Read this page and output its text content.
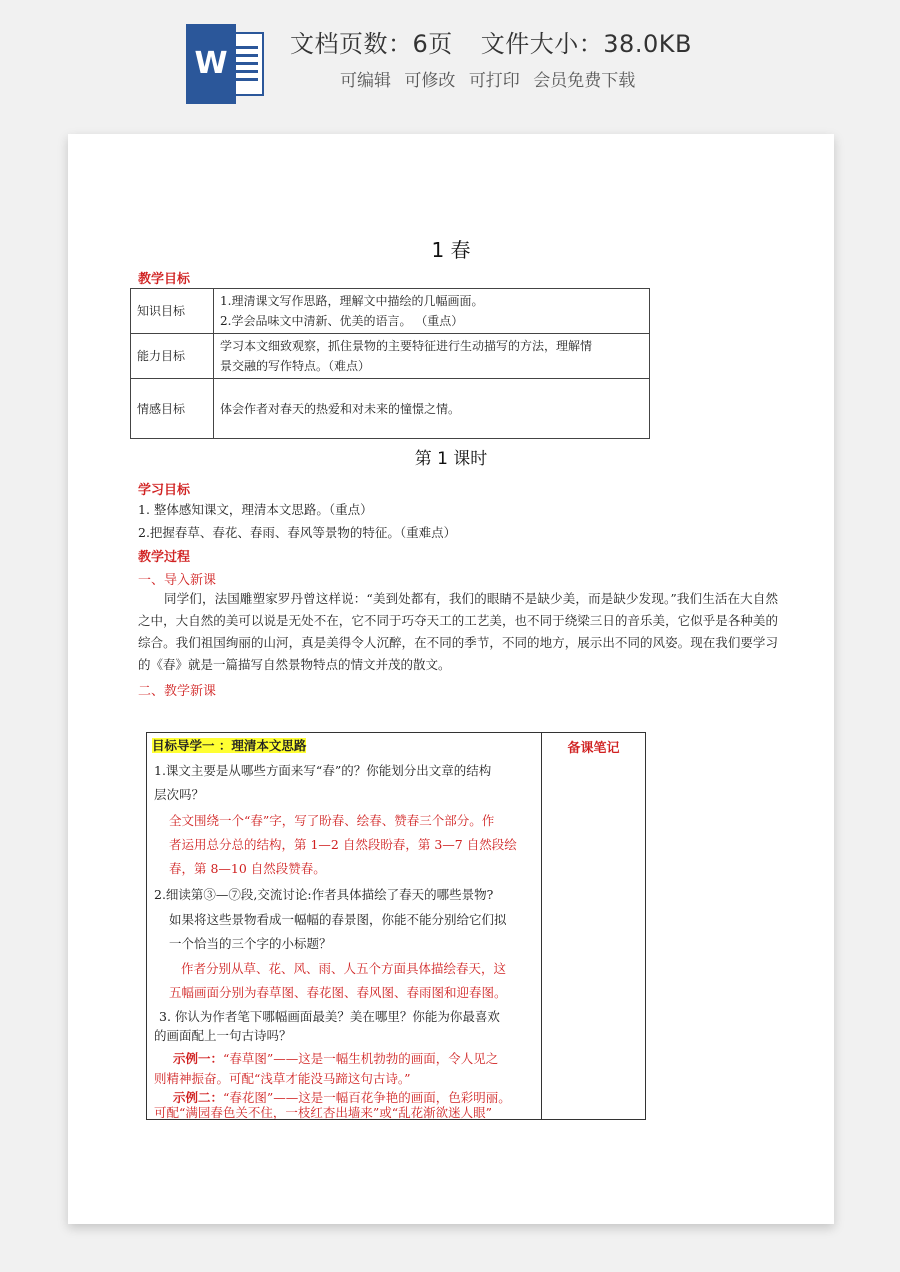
W
文档页数：6页 文件大小：38.0KB
可编辑 可修改 可打印 会员免费下载
1 春
教学目标
知识目标	1.理清课文写作思路，理解文中描绘的几幅画面。
2.学会品味文中清新、优美的语言。 （重点）

能力目标	学习本文细致观察，抓住景物的主要特征进行生动描写的方法，理解情
景交融的写作特点。（难点）

情感目标	体会作者对春天的热爱和对未来的憧憬之情。
第 1 课时
学习目标
1. 整体感知课文，理清本文思路。（重点）
2.把握春草、春花、春雨、春风等景物的特征。（重难点）
教学过程
一、导入新课
同学们，法国雕塑家罗丹曾这样说：“美到处都有，我们的眼睛不是缺少美，而是缺少发现。”我们生活在大自然之中，大自然的美可以说是无处不在，它不同于巧夺天工的工艺美，也不同于绕梁三日的音乐美，它似乎是各种美的综合。我们祖国绚丽的山河，真是美得令人沉醉，在不同的季节，不同的地方，展示出不同的风姿。现在我们要学习的《春》就是一篇描写自然景物特点的情文并茂的散文。
二、教学新课
目标导学一 ：理清本文思路
1.课文主要是从哪些方面来写“春”的？你能划分出文章的结构
层次吗？
全文围绕一个“春”字，写了盼春、绘春、赞春三个部分。作
者运用总分总的结构，第 1—2 自然段盼春，第 3—7 自然段绘
春，第 8—10 自然段赞春。
2.细读第③—⑦段,交流讨论:作者具体描绘了春天的哪些景物?
如果将这些景物看成一幅幅的春景图，你能不能分别给它们拟
一个恰当的三个字的小标题？
作者分别从草、花、风、雨、人五个方面具体描绘春天，这
五幅画面分别为春草图、春花图、春风图、春雨图和迎春图。
3. 你认为作者笔下哪幅画面最美？美在哪里？你能为你最喜欢
的画面配上一句古诗吗？
示例一：“春草图”——这是一幅生机勃勃的画面，令人见之
则精神振奋。可配“浅草才能没马蹄这句古诗。”
示例二：“春花图”——这是一幅百花争艳的画面，色彩明丽。
可配“满园春色关不住，一枝红杏出墙来”或“乱花渐欲迷人眼”
	备课笔记
